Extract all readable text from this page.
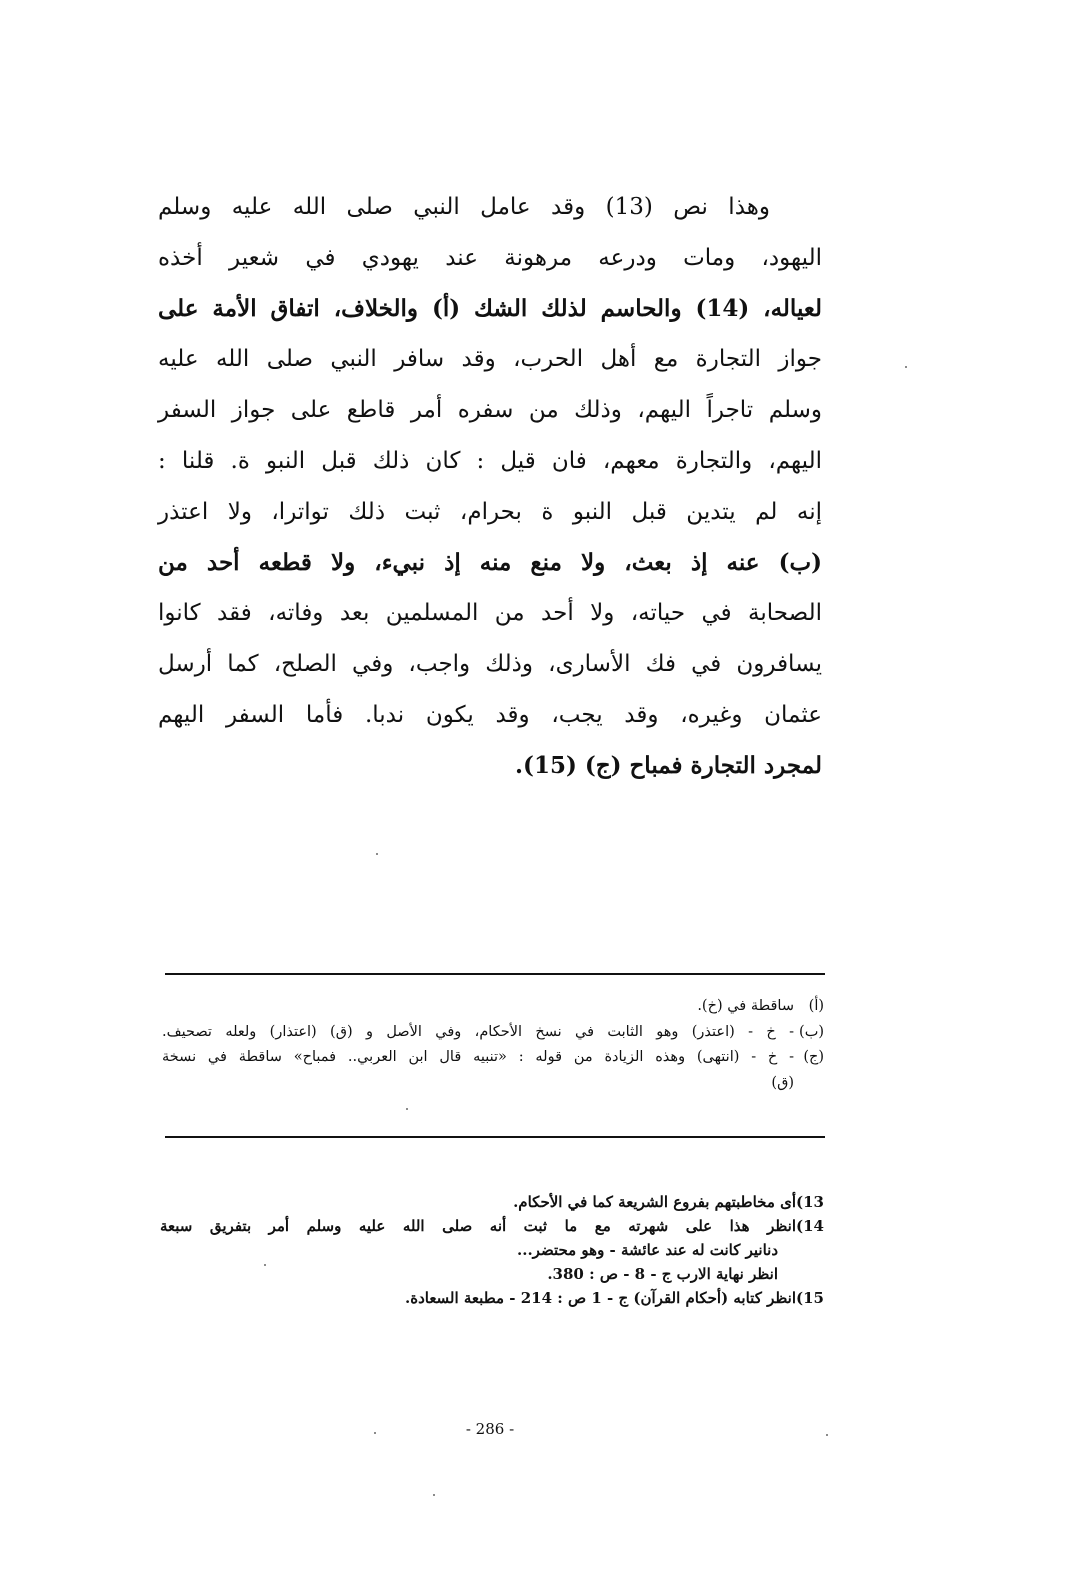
وهذا نص (13) وقد عامل النبي صلى الله عليه وسلم
اليهود، ومات ودرعه مرهونة عند يهودي في شعير أخذه
لعياله، (14) والحاسم لذلك الشك (أ) والخلاف، اتفاق الأمة على
جواز التجارة مع أهل الحرب، وقد سافر النبي صلى الله عليه
وسلم تاجراً اليهم، وذلك من سفره أمر قاطع على جواز السفر
اليهم، والتجارة معهم، فان قيل : كان ذلك قبل النبو ة. قلنا :
إنه لم يتدين قبل النبو ة بحرام، ثبت ذلك تواترا، ولا اعتذر
(ب) عنه إذ بعث، ولا منع منه إذ نبيء، ولا قطعه أحد من
الصحابة في حياته، ولا أحد من المسلمين بعد وفاته، فقد كانوا
يسافرون في فك الأسارى، وذلك واجب، وفي الصلح، كما أرسل
عثمان وغيره، وقد يجب، وقد يكون ندبا. فأما السفر اليهم
لمجرد التجارة فمباح (ج) (15).
(أ)
ساقطة في (خ).
(ب)
- خ - (اعتذر) وهو الثابت في نسخ الأحكام، وفي الأصل و (ق) (اعتذار) ولعله تصحيف.
(ج)
- خ - (انتهى) وهذه الزيادة من قوله : «تنبيه قال ابن العربي.. فمباح» ساقطة في نسخة
(ق)
13)
أى مخاطبتهم بفروع الشريعة كما في الأحكام.
14)
انظر هذا على شهرته مع ما ثبت أنه صلى الله عليه وسلم أمر بتفريق سبعة
دنانير كانت له عند عائشة - وهو محتضر...
انظر نهاية الارب ج - 8 - ص : 380.
15)
انظر كتابه (أحكام القرآن) ج - 1 ص : 214 - مطبعة السعادة.
- 286 -
